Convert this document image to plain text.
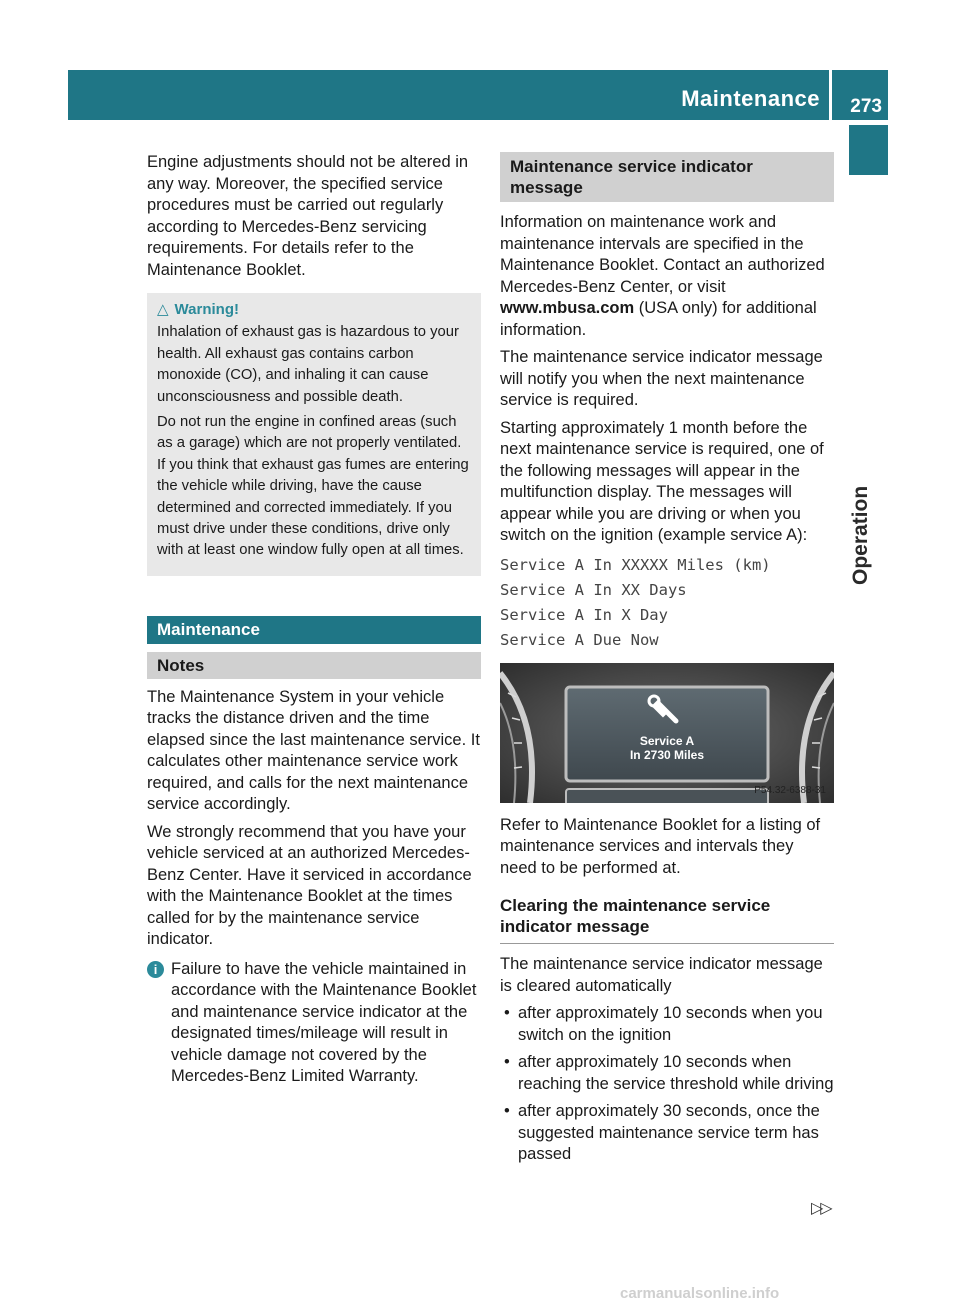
Maintenance 273
Operation

Engine adjustments should not be altered in any way. Moreover, the specified service procedures must be carried out regularly according to Mercedes-Benz servicing requirements. For details refer to the Maintenance Booklet.

△ Warning!

Inhalation of exhaust gas is hazardous to your health. All exhaust gas contains carbon monoxide (CO), and inhaling it can cause unconsciousness and possible death.

Do not run the engine in confined areas (such as a garage) which are not properly ventilated. If you think that exhaust gas fumes are entering the vehicle while driving, have the cause determined and corrected immediately. If you must drive under these conditions, drive only with at least one window fully open at all times.

Maintenance
Notes

The Maintenance System in your vehicle tracks the distance driven and the time elapsed since the last maintenance service. It calculates other maintenance service work required, and calls for the next maintenance service accordingly.

We strongly recommend that you have your vehicle serviced at an authorized Mercedes-Benz Center. Have it serviced in accordance with the Maintenance Booklet at the times called for by the maintenance service indicator.

i Failure to have the vehicle maintained in accordance with the Maintenance Booklet and maintenance service indicator at the designated times/mileage will result in vehicle damage not covered by the Mercedes-Benz Limited Warranty.
Maintenance service indicator message

Information on maintenance work and maintenance intervals are specified in the Maintenance Booklet. Contact an authorized Mercedes-Benz Center, or visit www.mbusa.com (USA only) for additional information.

The maintenance service indicator message will notify you when the next maintenance service is required.

Starting approximately 1 month before the next maintenance service is required, one of the following messages will appear in the multifunction display. The messages will appear while you are driving or when you switch on the ignition (example service A):

Service A In XXXXX Miles (km)

Service A In XX Days

Service A In X Day

Service A Due Now

Service A
In 2730 Miles
P54.32-6388-31

Refer to Maintenance Booklet for a listing of maintenance services and intervals they need to be performed at.

Clearing the maintenance service indicator message

The maintenance service indicator message is cleared automatically

• after approximately 10 seconds when you switch on the ignition
• after approximately 10 seconds when reaching the service threshold while driving
• after approximately 30 seconds, once the suggested maintenance service term has passed
▷▷
carmanualsonline.info
